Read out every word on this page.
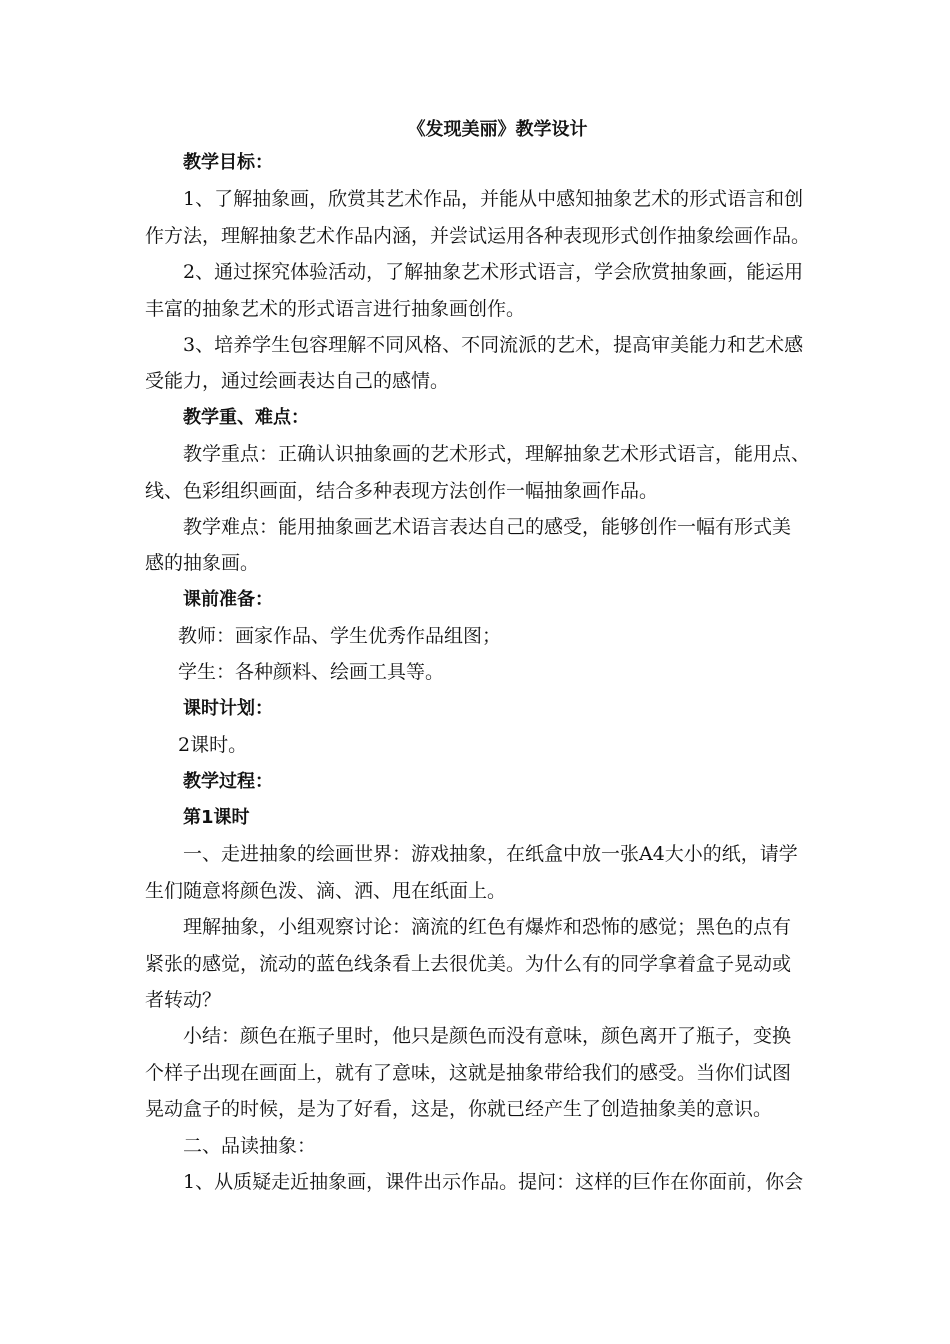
《发现美丽》教学设计
教学目标：
1、了解抽象画，欣赏其艺术作品，并能从中感知抽象艺术的形式语言和创
作方法，理解抽象艺术作品内涵，并尝试运用各种表现形式创作抽象绘画作品。
2、通过探究体验活动，了解抽象艺术形式语言，学会欣赏抽象画，能运用
丰富的抽象艺术的形式语言进行抽象画创作。
3、培养学生包容理解不同风格、不同流派的艺术，提高审美能力和艺术感
受能力，通过绘画表达自己的感情。
教学重、难点：
教学重点：正确认识抽象画的艺术形式，理解抽象艺术形式语言，能用点、
线、色彩组织画面，结合多种表现方法创作一幅抽象画作品。
教学难点：能用抽象画艺术语言表达自己的感受，能够创作一幅有形式美
感的抽象画。
课前准备：
教师：画家作品、学生优秀作品组图；
学生：各种颜料、绘画工具等。
课时计划：
2课时。
教学过程：
第1课时
一、走进抽象的绘画世界：游戏抽象，在纸盒中放一张A4大小的纸，请学
生们随意将颜色泼、滴、洒、甩在纸面上。
理解抽象，小组观察讨论：滴流的红色有爆炸和恐怖的感觉；黑色的点有
紧张的感觉，流动的蓝色线条看上去很优美。为什么有的同学拿着盒子晃动或
者转动？
小结：颜色在瓶子里时，他只是颜色而没有意味，颜色离开了瓶子，变换
个样子出现在画面上，就有了意味，这就是抽象带给我们的感受。当你们试图
晃动盒子的时候，是为了好看，这是，你就已经产生了创造抽象美的意识。
二、品读抽象：
1、从质疑走近抽象画，课件出示作品。提问：这样的巨作在你面前，你会
